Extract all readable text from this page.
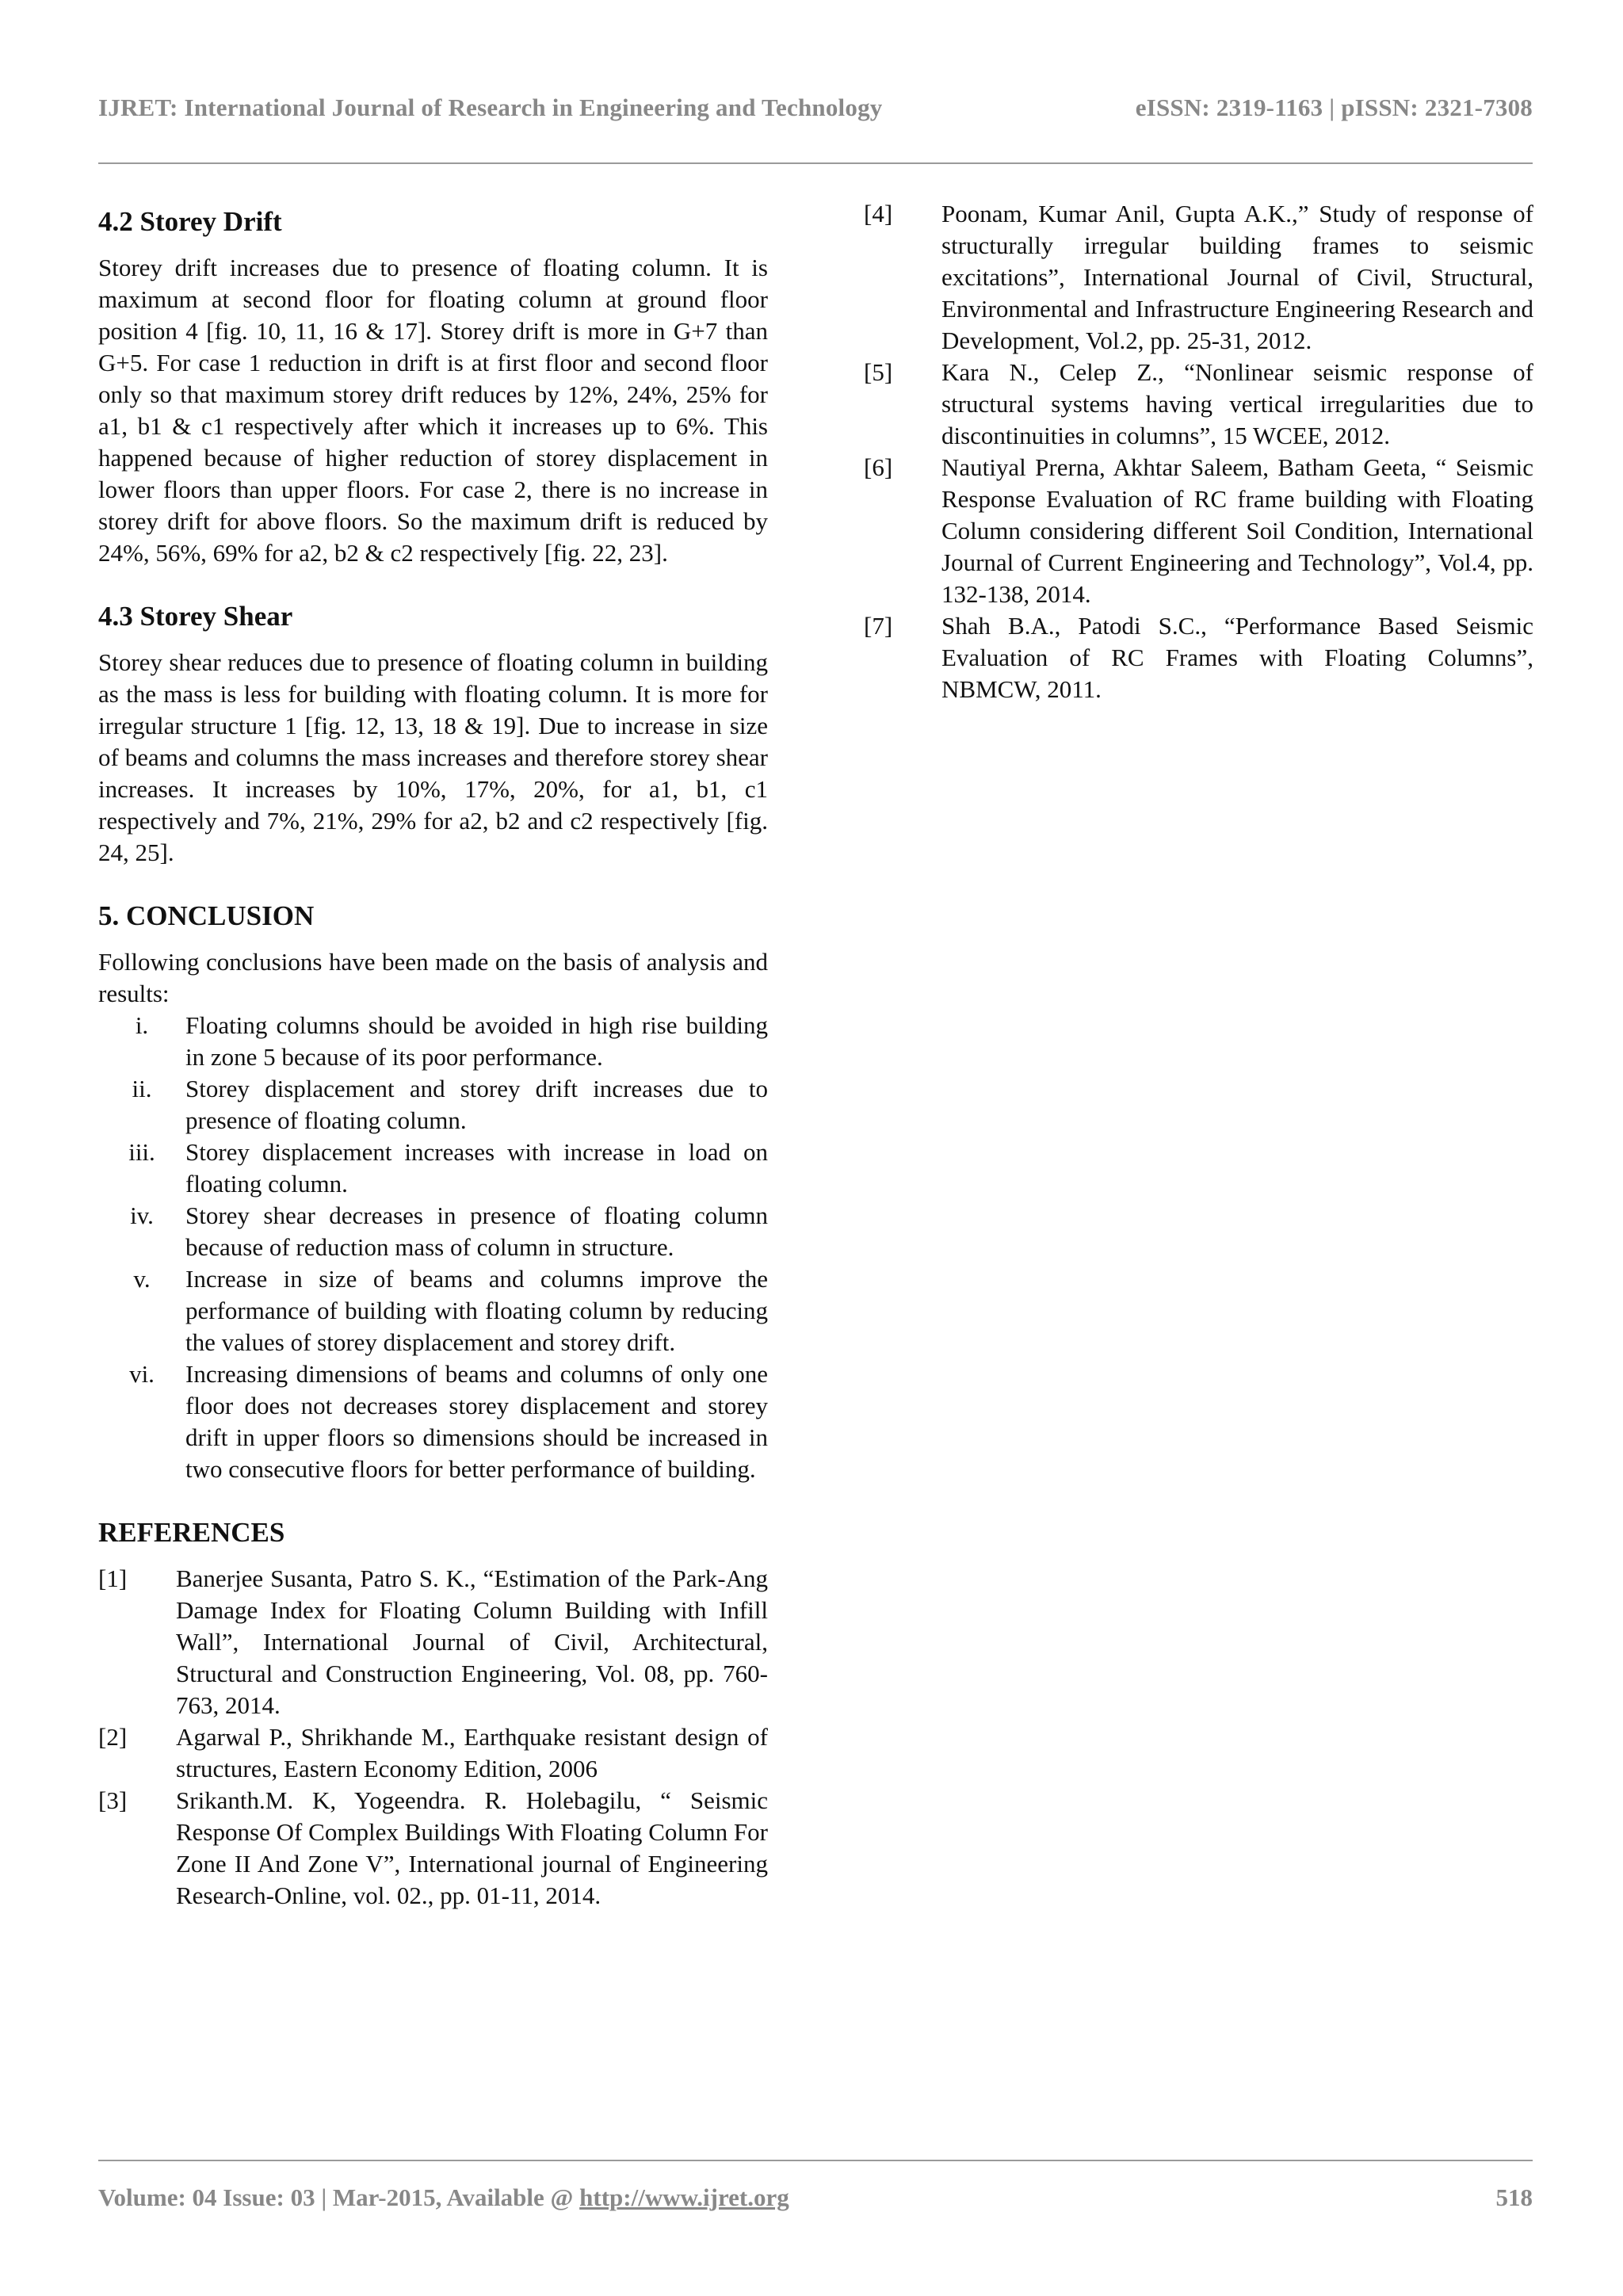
IJRET: International Journal of Research in Engineering and Technology	eISSN: 2319-1163 | pISSN: 2321-7308
4.2 Storey Drift

Storey drift increases due to presence of floating column. It is maximum at second floor for floating column at ground floor position 4 [fig. 10, 11, 16 & 17]. Storey drift is more in G+7 than G+5. For case 1 reduction in drift is at first floor and second floor only so that maximum storey drift reduces by 12%, 24%, 25% for a1, b1 & c1 respectively after which it increases up to 6%. This happened because of higher reduction of storey displacement in lower floors than upper floors. For case 2, there is no increase in storey drift for above floors. So the maximum drift is reduced by 24%, 56%, 69% for a2, b2 & c2 respectively [fig. 22, 23].

4.3 Storey Shear

Storey shear reduces due to presence of floating column in building as the mass is less for building with floating column. It is more for irregular structure 1 [fig. 12, 13, 18 & 19]. Due to increase in size of beams and columns the mass increases and therefore storey shear increases. It increases by 10%, 17%, 20%, for a1, b1, c1 respectively and 7%, 21%, 29% for a2, b2 and c2 respectively [fig. 24, 25].

5. CONCLUSION

Following conclusions have been made on the basis of analysis and results:

i.	Floating columns should be avoided in high rise building in zone 5 because of its poor performance.
ii.	Storey displacement and storey drift increases due to presence of floating column.
iii.	Storey displacement increases with increase in load on floating column.
iv.	Storey shear decreases in presence of floating column because of reduction mass of column in structure.
v.	Increase in size of beams and columns improve the performance of building with floating column by reducing the values of storey displacement and storey drift.
vi.	Increasing dimensions of beams and columns of only one floor does not decreases storey displacement and storey drift in upper floors so dimensions should be increased in two consecutive floors for better performance of building.
REFERENCES
[1]	Banerjee Susanta, Patro S. K., “Estimation of the Park-Ang Damage Index for Floating Column Building with Infill Wall”, International Journal of Civil, Architectural, Structural and Construction Engineering, Vol. 08, pp. 760-763, 2014.
[2]	Agarwal P., Shrikhande M., Earthquake resistant design of structures, Eastern Economy Edition, 2006
[3]	Srikanth.M. K, Yogeendra. R. Holebagilu, “ Seismic Response Of Complex Buildings With Floating Column For Zone II And Zone V”, International journal of Engineering Research-Online, vol. 02., pp. 01-11, 2014.
[4]	Poonam, Kumar Anil, Gupta A.K.,” Study of response of structurally irregular building frames to seismic excitations”, International Journal of Civil, Structural, Environmental and Infrastructure Engineering Research and Development, Vol.2, pp. 25-31, 2012.
[5]	Kara N., Celep Z., “Nonlinear seismic response of structural systems having vertical irregularities due to discontinuities in columns”, 15 WCEE, 2012.
[6]	Nautiyal Prerna, Akhtar Saleem, Batham Geeta, “ Seismic Response Evaluation of RC frame building with Floating Column considering different Soil Condition, International Journal of Current Engineering and Technology”, Vol.4, pp. 132-138, 2014.
[7]	Shah B.A., Patodi S.C., “Performance Based Seismic Evaluation of RC Frames with Floating Columns”, NBMCW, 2011.
Volume: 04 Issue: 03 | Mar-2015, Available @ http://www.ijret.org	518
